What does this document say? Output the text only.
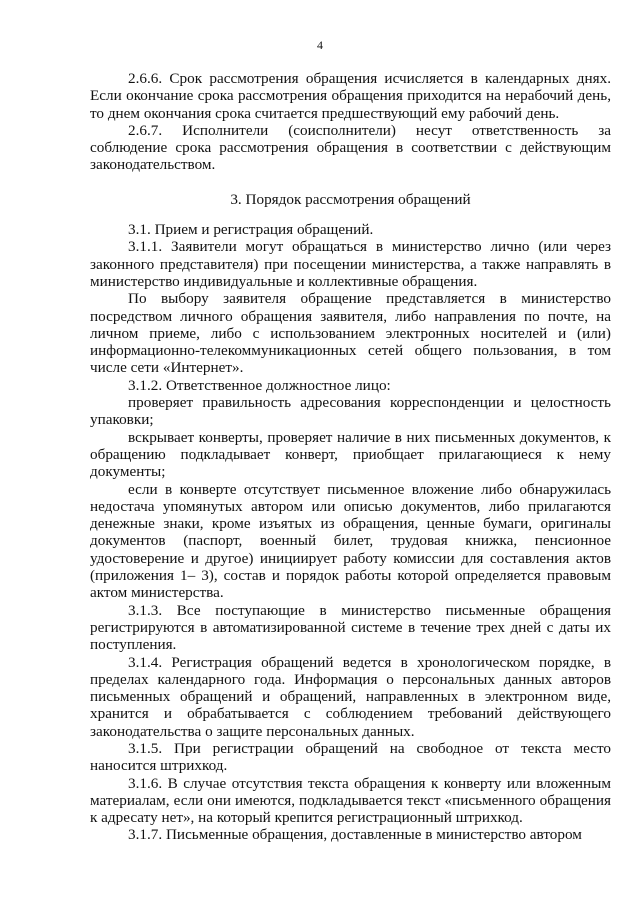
4

2.6.6. Срок рассмотрения обращения исчисляется в календарных днях. Если окончание срока рассмотрения обращения приходится на нерабочий день, то днем окончания срока считается предшествующий ему рабочий день.

2.6.7. Исполнители (соисполнители) несут ответственность за соблюдение срока рассмотрения обращения в соответствии с действующим законодательством.

3. Порядок рассмотрения обращений

3.1. Прием и регистрация обращений.

3.1.1. Заявители могут обращаться в министерство лично (или через законного представителя) при посещении министерства, а также направлять в министерство индивидуальные и коллективные обращения.

По выбору заявителя обращение представляется в министерство посредством личного обращения заявителя, либо направления по почте, на личном приеме, либо с использованием электронных носителей и (или) информационно-телекоммуникационных сетей общего пользования, в том числе сети «Интернет».

3.1.2. Ответственное должностное лицо:

проверяет правильность адресования корреспонденции и целостность упаковки;

вскрывает конверты, проверяет наличие в них письменных документов, к обращению подкладывает конверт, приобщает прилагающиеся к нему документы;

если в конверте отсутствует письменное вложение либо обнаружилась недостача упомянутых автором или описью документов, либо прилагаются денежные знаки, кроме изъятых из обращения, ценные бумаги, оригиналы документов (паспорт, военный билет, трудовая книжка, пенсионное удостоверение и другое) инициирует работу комиссии для составления актов (приложения 1– 3), состав и порядок работы которой определяется правовым актом министерства.

3.1.3. Все поступающие в министерство письменные обращения регистрируются в автоматизированной системе в течение трех дней с даты их поступления.

3.1.4. Регистрация обращений ведется в хронологическом порядке, в пределах календарного года. Информация о персональных данных авторов письменных обращений и обращений, направленных в электронном виде, хранится и обрабатывается с соблюдением требований действующего законодательства о защите персональных данных.

3.1.5. При регистрации обращений на свободное от текста место наносится штрихкод.

3.1.6. В случае отсутствия текста обращения к конверту или вложенным материалам, если они имеются, подкладывается текст «письменного обращения к адресату нет», на который крепится регистрационный штрихкод.

3.1.7. Письменные обращения, доставленные в министерство автором
